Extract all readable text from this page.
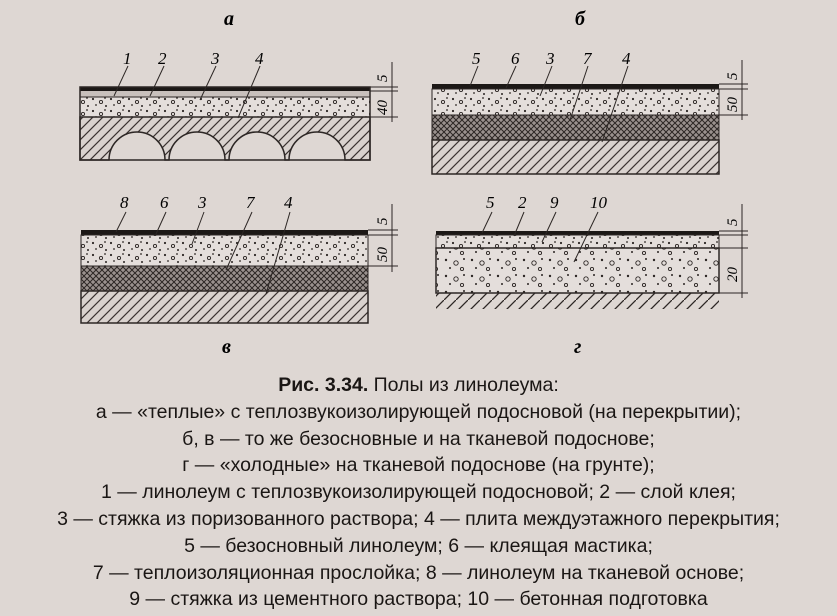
а
1 2	3 4
5
40
б
5 6 3 7 4
5
50
в
8 6 3 7 4
5
50
г
5 2 9 10
5
20
Рис. 3.34. Полы из линолеума:
а — «теплые» с теплозвукоизолирующей подосновой (на перекрытии);
б, в — то же безосновные и на тканевой подоснове;
г — «холодные» на тканевой подоснове (на грунте);
1 — линолеум с теплозвукоизолирующей подосновой; 2 — слой клея;
3 — стяжка из поризованного раствора; 4 — плита междуэтажного перекрытия;
5 — безосновный линолеум; 6 — клеящая мастика;
7 — теплоизоляционная прослойка; 8 — линолеум на тканевой основе;
9 — стяжка из цементного раствора; 10 — бетонная подготовка
